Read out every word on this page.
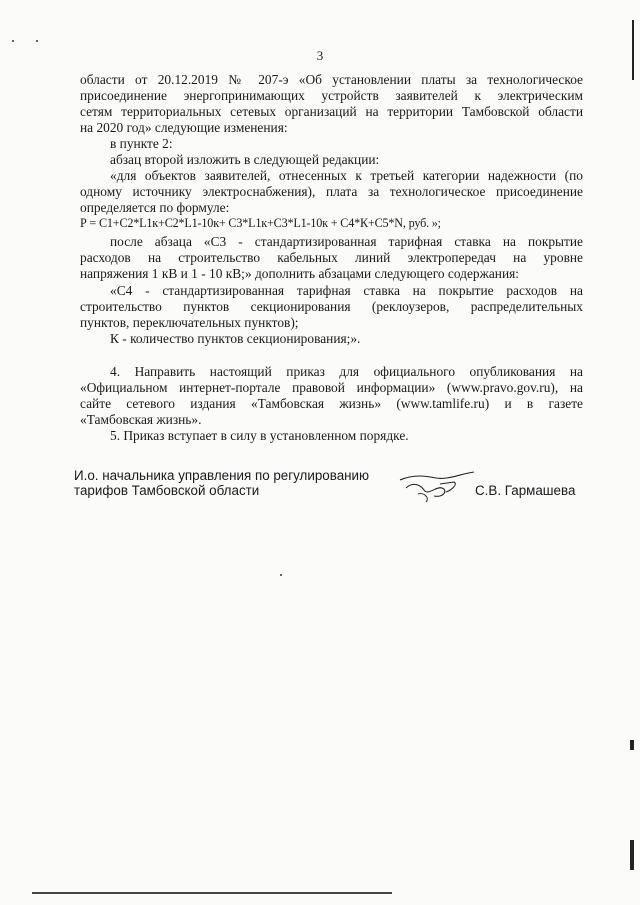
3
области от 20.12.2019 № 207-э «Об установлении платы за технологическое
присоединение энергопринимающих устройств заявителей к электрическим
сетям территориальных сетевых организаций на территории Тамбовской области
на 2020 год» следующие изменения:
в пункте 2:
абзац второй изложить в следующей редакции:
«для объектов заявителей, отнесенных к третьей категории надежности (по
одному источнику электроснабжения), плата за технологическое присоединение
определяется по формуле:
Р = С1+С2*L1к+С2*L1-10к+ С3*L1к+С3*L1-10к + С4*К+С5*N, руб. »;
после абзаца «С3 - стандартизированная тарифная ставка на покрытие
расходов на строительство кабельных линий электропередач на уровне
напряжения 1 кВ и 1 - 10 кВ;» дополнить абзацами следующего содержания:
«С4 - стандартизированная тарифная ставка на покрытие расходов на
строительство пунктов секционирования (реклоузеров, распределительных
пунктов, переключательных пунктов);
К - количество пунктов секционирования;».
4. Направить настоящий приказ для официального опубликования на
«Официальном интернет-портале правовой информации» (www.pravo.gov.ru), на
сайте сетевого издания «Тамбовская жизнь» (www.tamlife.ru) и в газете
«Тамбовская жизнь».
5. Приказ вступает в силу в установленном порядке.
И.о. начальника управления по регулированию
тарифов Тамбовской области	С.В. Гармашева
